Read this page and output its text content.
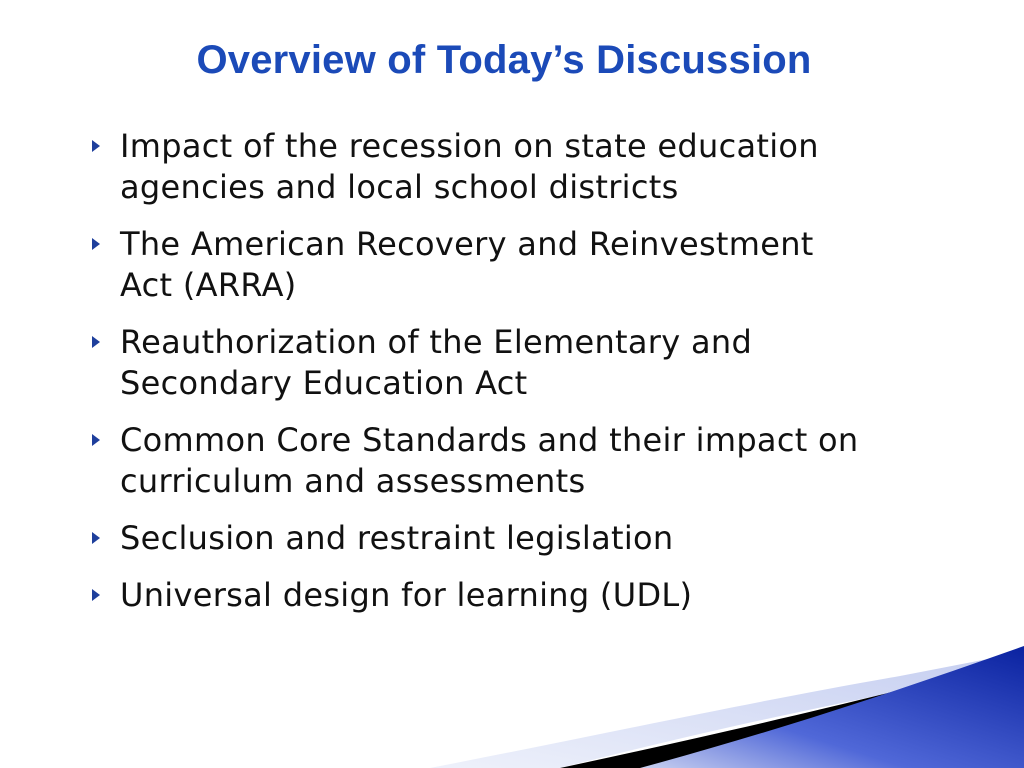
Overview of Today’s Discussion
Impact of the recession on state education
agencies and local school districts
The American Recovery and Reinvestment
Act (ARRA)
Reauthorization of the Elementary and
Secondary Education Act
Common Core Standards and their impact on
curriculum and assessments
Seclusion and restraint legislation
Universal design for learning (UDL)
